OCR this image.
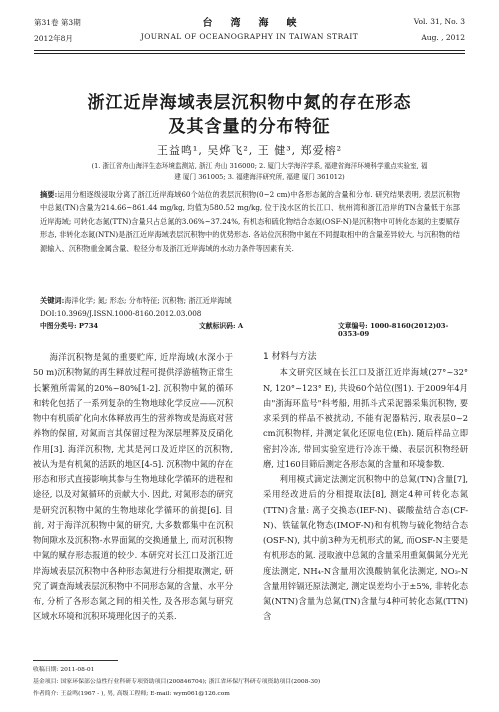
第31卷 第3期
2012年8月
台湾海峡
JOURNAL OF OCEANOGRAPHY IN TAIWAN STRAIT
Vol. 31, No. 3
Aug. , 2012
浙江近岸海域表层沉积物中氮的存在形态
及其含量的分布特征
王益鸣¹, 吴烨飞², 王 健³, 郑爱榕²
(1. 浙江省舟山海洋生态环境监测站, 浙江 舟山 316000; 2. 厦门大学海洋学系, 福建省海洋环境科学重点实验室, 福建 厦门 361005; 3. 福建海洋研究所, 福建 厦门 361012)
摘要:运用分相逐级浸取分离了浙江近岸海域60个站位的表层沉积物(0~2 cm)中各形态氮的含量和分布. 研究结果表明, 表层沉积物中总氮(TN)含量为214.66~861.44 mg/kg, 均值为580.52 mg/kg, 位于浅水区的长江口、杭州湾和浙江沿岸的TN含量低于东部近岸海域; 可转化态氮(TTN)含量只占总氮的3.06%~37.24%, 有机态和硫化物结合态氮(OSF-N)是沉积物中可转化态氮的主要赋存形态, 非转化态氮(NTN)是浙江近岸海域表层沉积物中的优势形态. 各站位沉积物中氮在不同提取相中的含量差异较大, 与沉积物的结源输入、沉积物重金属含量、粒径分布及浙江近岸海域的水动力条件等因素有关.
关键词:海洋化学; 氮; 形态; 分布特征; 沉积物; 浙江近岸海域
DOI:10.3969/J.ISSN.1000-8160.2012.03.008
中图分类号: P734	文献标识码: A	文章编号: 1000-8160(2012)03-0353-09

海洋沉积物是氮的重要贮库, 近岸海域(水深小于50 m)沉积物氮的再生释放过程可提供浮游植物正常生长繁殖所需氮的20%~80%[1-2]. 沉积物中氮的循环和转化包括了一系列复杂的生物地球化学反应——沉积物中有机质矿化向水体释放再生的营养物或是海底对营养物的保留, 对氮而言其保留过程为深层埋葬及反硝化作用[3]. 海洋沉积物, 尤其是河口及近岸区的沉积物, 被认为是有机氮的活跃的地区[4-5]. 沉积物中氮的存在形态和形式直接影响其参与生物地球化学循环的进程和途径, 以及对氮循环的贡献大小. 因此, 对氮形态的研究是研究沉积物中氮的生物地球化学循环的前提[6]. 目前, 对于海洋沉积物中氮的研究, 大多数都集中在沉积物间隙水及沉积物-水界面氮的交换通量上, 而对沉积物中氮的赋存形态报道的较少. 本研究对长江口及浙江近岸海域表层沉积物中各种形态氮进行分相提取测定, 研究了调查海域表层沉积物中不同形态氮的含量、水平分布, 分析了各形态氮之间的相关性, 及各形态氮与研究区域水环境和沉积环境理化因子的关系.

1 材料与方法

本文研究区域在长江口及浙江近岸海域(27°~32° N, 120°~123° E), 共设60个站位(图1). 于2009年4月由"浙海环监号"科考船, 用抓斗式采泥器采集沉积物, 要求采到的样品不被扰动, 不能有泥器粘污, 取表层0~2 cm沉积物样, 并测定氧化还原电位(Eh). 随后样品立即密封冷冻, 带回实验室进行冷冻干燥、表层沉积物经研磨, 过160目筛后测定各形态氮的含量和环境参数.

利用模式滴定法测定沉积物中的总氮(TN)含量[7], 采用经改进后的分相提取法[8], 测定4种可转化态氮(TTN)含量: 离子交换态(IEF-N)、碳酸盐结合态(CF-N)、铁锰氧化物态(IMOF-N)和有机物与硫化物结合态(OSF-N), 其中前3种为无机形式的氮, 而OSF-N主要是有机形态的氮. 浸取液中总氮的含量采用重氮偶氮分光光度法测定, NH₄-N含量用次溴酸钠氧化法测定, NO₃-N含量用锌镉还原法测定, 测定误差均小于±5%, 非转化态氮(NTN)含量为总氮(TN)含量与4种可转化态氮(TTN)含

收稿日期: 2011-08-01
基金项目: 国家环保部公益性行业科研专项资助项目(200846704); 浙江省环保厅科研专项资助项目(2008-30)
作者简介: 王益鸣(1967 - ), 男, 高级工程师; E-mail: wym061@126.com
